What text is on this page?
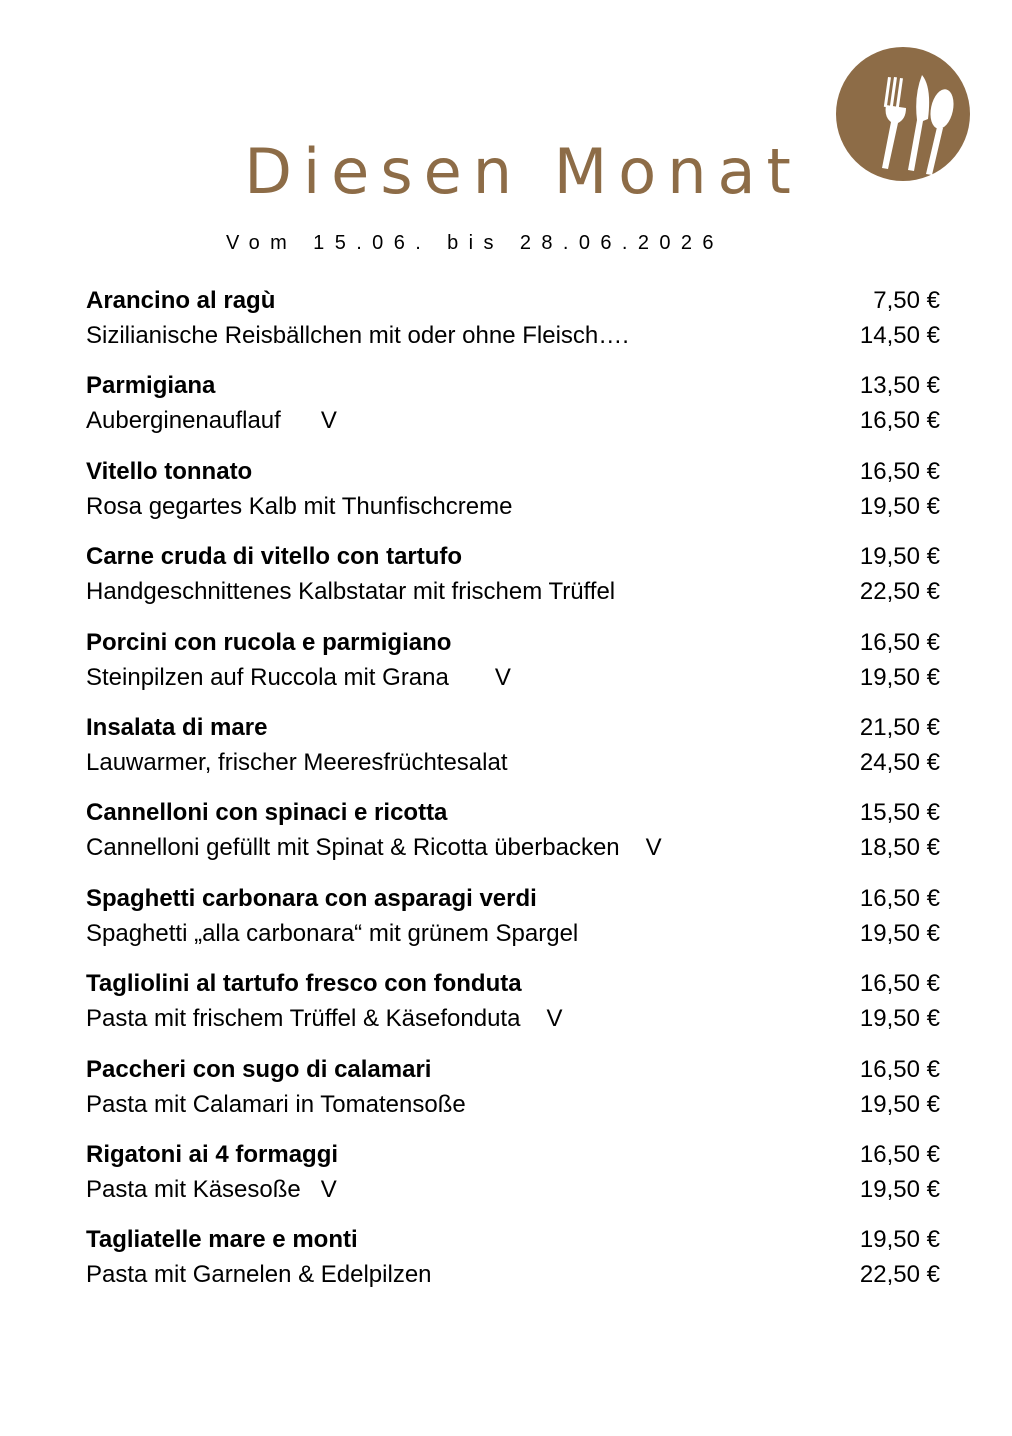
Diesen Monat
Vom 15.06. bis 28.06.2026
Arancino al ragù	7,50 €
Sizilianische Reisbällchen mit oder ohne Fleisch….	14,50 €
Parmigiana	13,50 €
Auberginenauflauf V	16,50 €
Vitello tonnato	16,50 €
Rosa gegartes Kalb mit Thunfischcreme	19,50 €
Carne cruda di vitello con tartufo	19,50 €
Handgeschnittenes Kalbstatar mit frischem Trüffel	22,50 €
Porcini con rucola e parmigiano	16,50 €
Steinpilzen auf Ruccola mit Grana V	19,50 €
Insalata di mare	21,50 €
Lauwarmer, frischer Meeresfrüchtesalat	24,50 €
Cannelloni con spinaci e ricotta	15,50 €
Cannelloni gefüllt mit Spinat & Ricotta überbacken V	18,50 €
Spaghetti carbonara con asparagi verdi	16,50 €
Spaghetti „alla carbonara“ mit grünem Spargel	19,50 €
Tagliolini al tartufo fresco con fonduta	16,50 €
Pasta mit frischem Trüffel & Käsefonduta V	19,50 €
Paccheri con sugo di calamari	16,50 €
Pasta mit Calamari in Tomatensoße	19,50 €
Rigatoni ai 4 formaggi	16,50 €
Pasta mit Käsesoße V	19,50 €
Tagliatelle mare e monti	19,50 €
Pasta mit Garnelen & Edelpilzen	22,50 €
